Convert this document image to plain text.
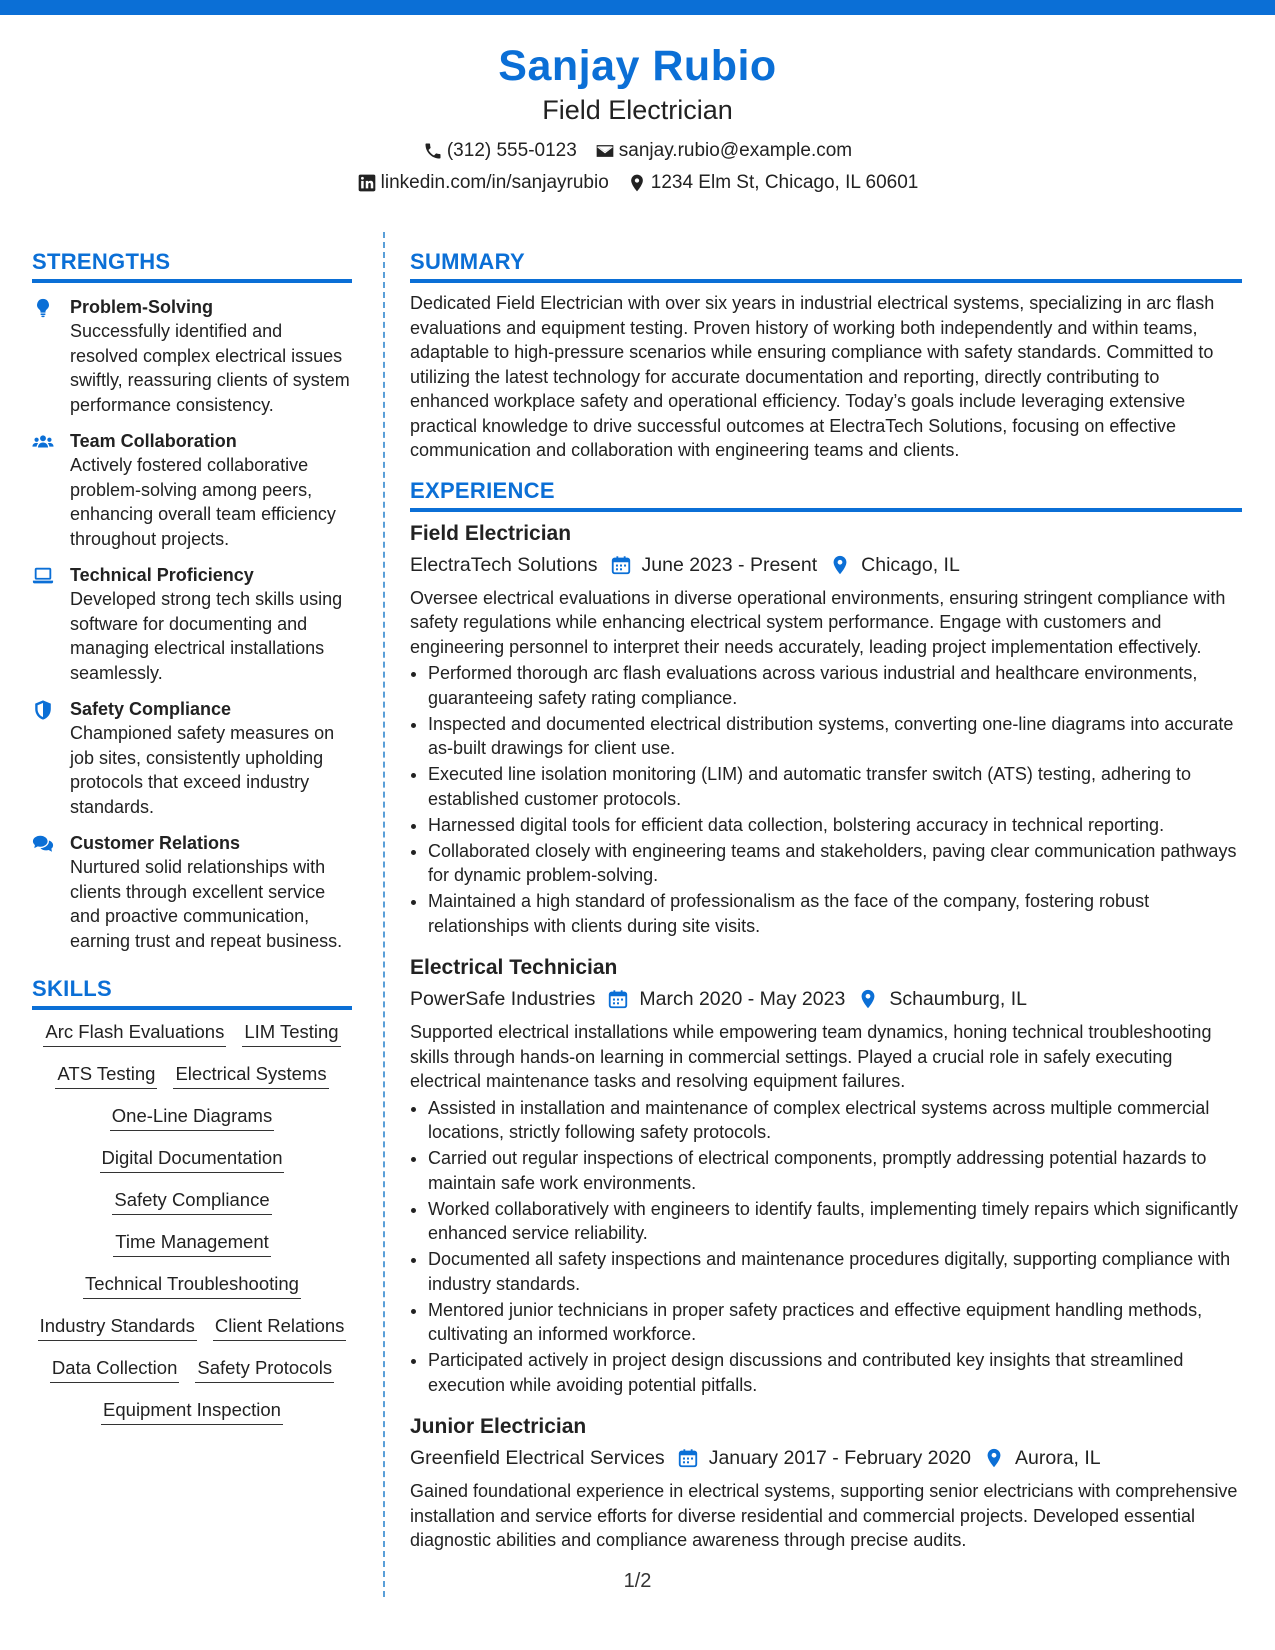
Sanjay Rubio
Field Electrician
(312) 555-0123 sanjay.rubio@example.com
linkedin.com/in/sanjayrubio 1234 Elm St, Chicago, IL 60601
STRENGTHS
Problem-Solving
Successfully identified and resolved complex electrical issues swiftly, reassuring clients of system performance consistency.
Team Collaboration
Actively fostered collaborative problem-solving among peers, enhancing overall team efficiency throughout projects.
Technical Proficiency
Developed strong tech skills using software for documenting and managing electrical installations seamlessly.
Safety Compliance
Championed safety measures on job sites, consistently upholding protocols that exceed industry standards.
Customer Relations
Nurtured solid relationships with clients through excellent service and proactive communication, earning trust and repeat business.
SKILLS
Arc Flash Evaluations LIM Testing
ATS Testing Electrical Systems
One-Line Diagrams
Digital Documentation
Safety Compliance
Time Management
Technical Troubleshooting
Industry Standards Client Relations
Data Collection Safety Protocols
Equipment Inspection
SUMMARY
Dedicated Field Electrician with over six years in industrial electrical systems, specializing in arc flash evaluations and equipment testing. Proven history of working both independently and within teams, adaptable to high-pressure scenarios while ensuring compliance with safety standards. Committed to utilizing the latest technology for accurate documentation and reporting, directly contributing to enhanced workplace safety and operational efficiency. Today’s goals include leveraging extensive practical knowledge to drive successful outcomes at ElectraTech Solutions, focusing on effective communication and collaboration with engineering teams and clients.
EXPERIENCE
Field Electrician
ElectraTech Solutions June 2023 - Present Chicago, IL
Oversee electrical evaluations in diverse operational environments, ensuring stringent compliance with safety regulations while enhancing electrical system performance. Engage with customers and engineering personnel to interpret their needs accurately, leading project implementation effectively.
• Performed thorough arc flash evaluations across various industrial and healthcare environments, guaranteeing safety rating compliance.
• Inspected and documented electrical distribution systems, converting one-line diagrams into accurate as-built drawings for client use.
• Executed line isolation monitoring (LIM) and automatic transfer switch (ATS) testing, adhering to established customer protocols.
• Harnessed digital tools for efficient data collection, bolstering accuracy in technical reporting.
• Collaborated closely with engineering teams and stakeholders, paving clear communication pathways for dynamic problem-solving.
• Maintained a high standard of professionalism as the face of the company, fostering robust relationships with clients during site visits.
Electrical Technician
PowerSafe Industries March 2020 - May 2023 Schaumburg, IL
Supported electrical installations while empowering team dynamics, honing technical troubleshooting skills through hands-on learning in commercial settings. Played a crucial role in safely executing electrical maintenance tasks and resolving equipment failures.
• Assisted in installation and maintenance of complex electrical systems across multiple commercial locations, strictly following safety protocols.
• Carried out regular inspections of electrical components, promptly addressing potential hazards to maintain safe work environments.
• Worked collaboratively with engineers to identify faults, implementing timely repairs which significantly enhanced service reliability.
• Documented all safety inspections and maintenance procedures digitally, supporting compliance with industry standards.
• Mentored junior technicians in proper safety practices and effective equipment handling methods, cultivating an informed workforce.
• Participated actively in project design discussions and contributed key insights that streamlined execution while avoiding potential pitfalls.
Junior Electrician
Greenfield Electrical Services January 2017 - February 2020 Aurora, IL
Gained foundational experience in electrical systems, supporting senior electricians with comprehensive installation and service efforts for diverse residential and commercial projects. Developed essential diagnostic abilities and compliance awareness through precise audits.
1/2
